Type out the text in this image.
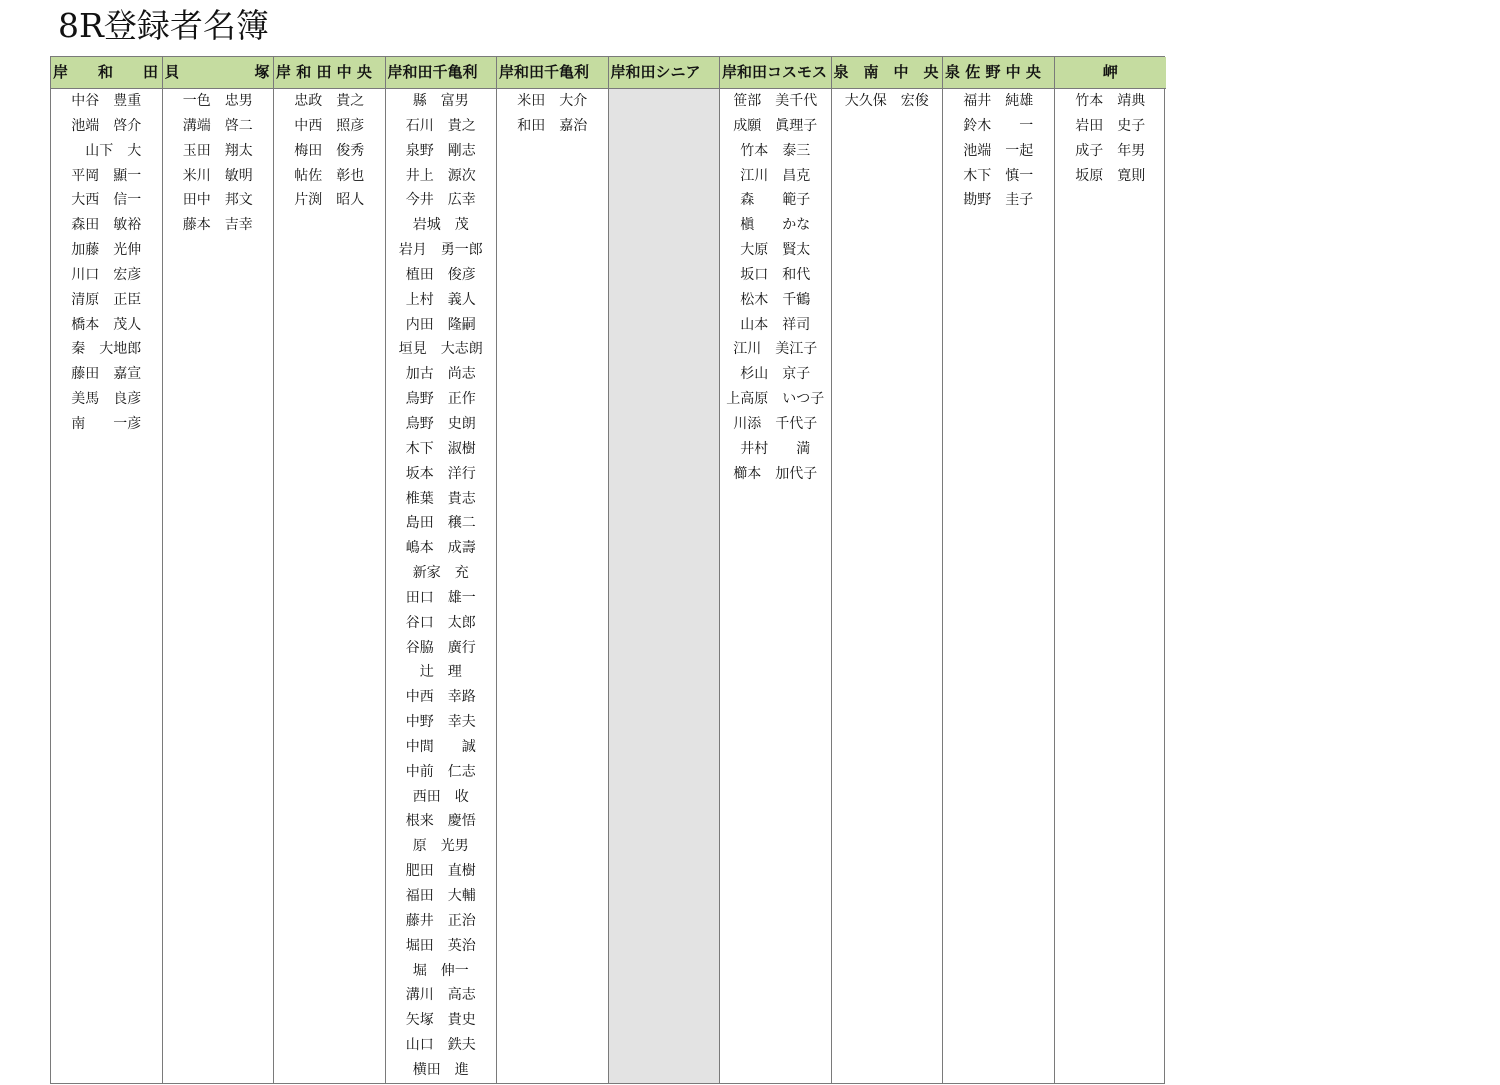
8R登録者名簿
岸　　和　　田
中谷　豊重
池端　啓介
　山下　大
平岡　顯一
大西　信一
森田　敏裕
加藤　光伸
川口　宏彦
清原　正臣
橋本　茂人
秦　大地郎
藤田　嘉宣
美馬　良彦
南　　一彦
貝　　　　　塚
一色　忠男
溝端　啓二
玉田　翔太
米川　敏明
田中　邦文
藤本　吉幸
岸 和 田 中 央
忠政　貴之
中西　照彦
梅田　俊秀
帖佐　彰也
片渕　昭人
岸和田千亀利
縣　富男
石川　貴之
泉野　剛志
井上　源次
今井　広幸
岩城　茂
岩月　勇一郎
植田　俊彦
上村　義人
内田　隆嗣
垣見　大志朗
加古　尚志
鳥野　正作
鳥野　史朗
木下　淑樹
坂本　洋行
椎葉　貴志
島田　穣二
嶋本　成壽
新家　充
田口　雄一
谷口　太郎
谷脇　廣行
辻　理
中西　幸路
中野　幸夫
中間　　誠
中前　仁志
西田　收
根来　慶悟
原　光男
肥田　直樹
福田　大輔
藤井　正治
堀田　英治
堀　伸一
溝川　高志
矢塚　貴史
山口　鉄夫
横田　進
岸和田千亀利
米田　大介
和田　嘉治
岸和田シニア	岸和田コスモス
笹部　美千代
成願　眞理子
竹本　泰三
江川　昌克
森　　範子
槇　　かな
大原　賢太
坂口　和代
松木　千鶴
山本　祥司
江川　美江子
杉山　京子
上高原　いつ子
川添　千代子
井村　　満
櫛本　加代子
泉　南　中　央
大久保　宏俊
泉 佐 野 中 央
福井　純雄
鈴木　　一
池端　一起
木下　慎一
勘野　圭子
岬
竹本　靖典
岩田　史子
成子　年男
坂原　寛則
